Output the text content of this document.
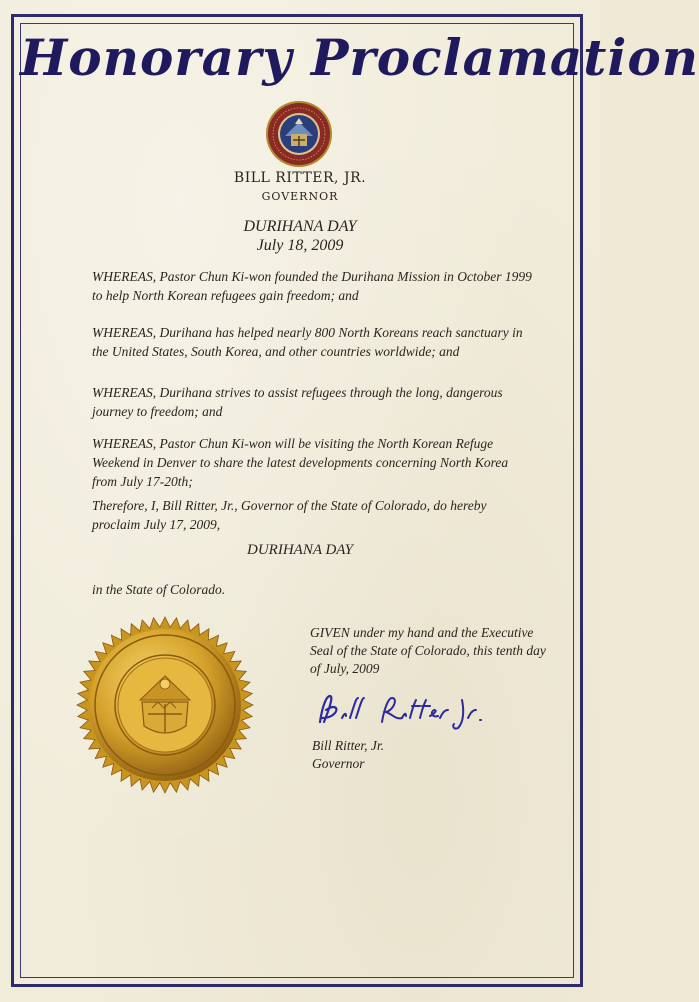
Honorary Proclamation
BILL RITTER, JR.
GOVERNOR
DURIHANA DAY
July 18, 2009

WHEREAS, Pastor Chun Ki-won founded the Durihana Mission in October 1999 to help North Korean refugees gain freedom; and

WHEREAS, Durihana has helped nearly 800 North Koreans reach sanctuary in the United States, South Korea, and other countries worldwide; and

WHEREAS, Durihana strives to assist refugees through the long, dangerous journey to freedom; and

WHEREAS, Pastor Chun Ki-won will be visiting the North Korean Refuge Weekend in Denver to share the latest developments concerning North Korea from July 17-20th;

Therefore, I, Bill Ritter, Jr., Governor of the State of Colorado, do hereby proclaim July 17, 2009,

DURIHANA DAY
in the State of Colorado.

GIVEN under my hand and the Executive Seal of the State of Colorado, this tenth day of July, 2009

Bill Ritter, Jr.
Governor
